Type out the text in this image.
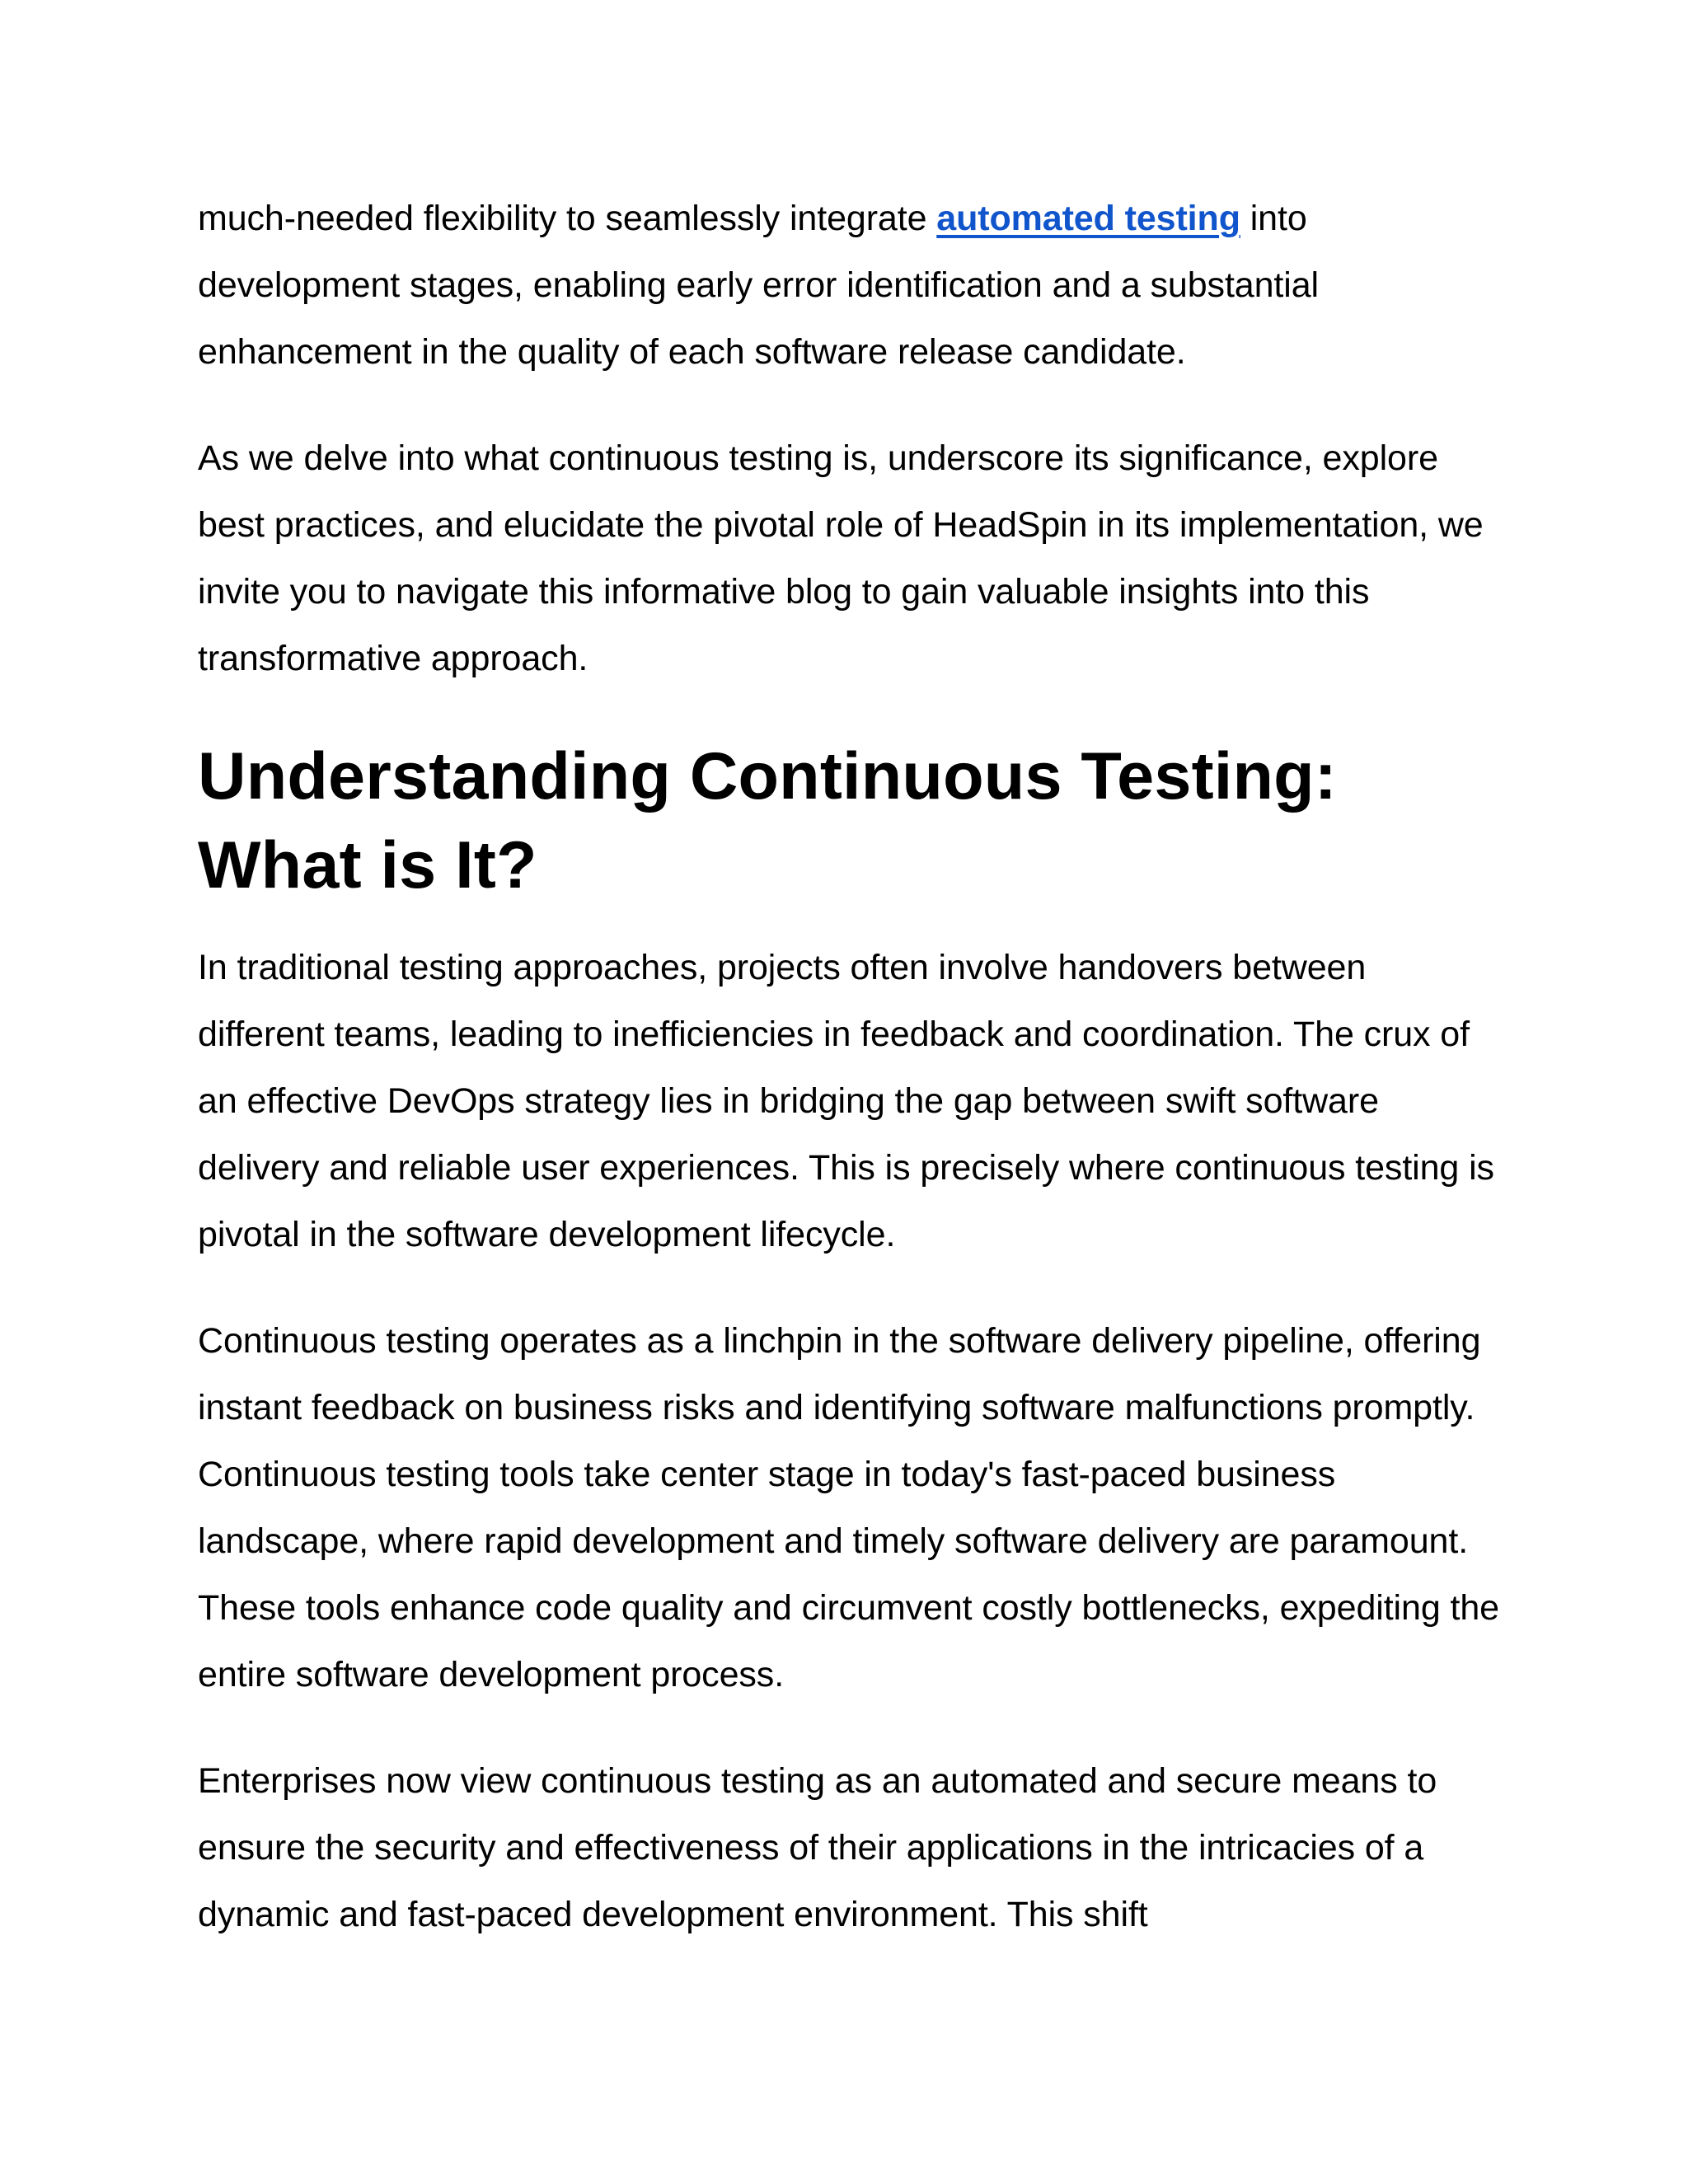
much-needed flexibility to seamlessly integrate automated testing into development stages, enabling early error identification and a substantial enhancement in the quality of each software release candidate.

As we delve into what continuous testing is, underscore its significance, explore best practices, and elucidate the pivotal role of HeadSpin in its implementation, we invite you to navigate this informative blog to gain valuable insights into this transformative approach.

Understanding Continuous Testing: What is It?

In traditional testing approaches, projects often involve handovers between different teams, leading to inefficiencies in feedback and coordination. The crux of an effective DevOps strategy lies in bridging the gap between swift software delivery and reliable user experiences. This is precisely where continuous testing is pivotal in the software development lifecycle.

Continuous testing operates as a linchpin in the software delivery pipeline, offering instant feedback on business risks and identifying software malfunctions promptly. Continuous testing tools take center stage in today's fast-paced business landscape, where rapid development and timely software delivery are paramount. These tools enhance code quality and circumvent costly bottlenecks, expediting the entire software development process.

Enterprises now view continuous testing as an automated and secure means to ensure the security and effectiveness of their applications in the intricacies of a dynamic and fast-paced development environment. This shift
